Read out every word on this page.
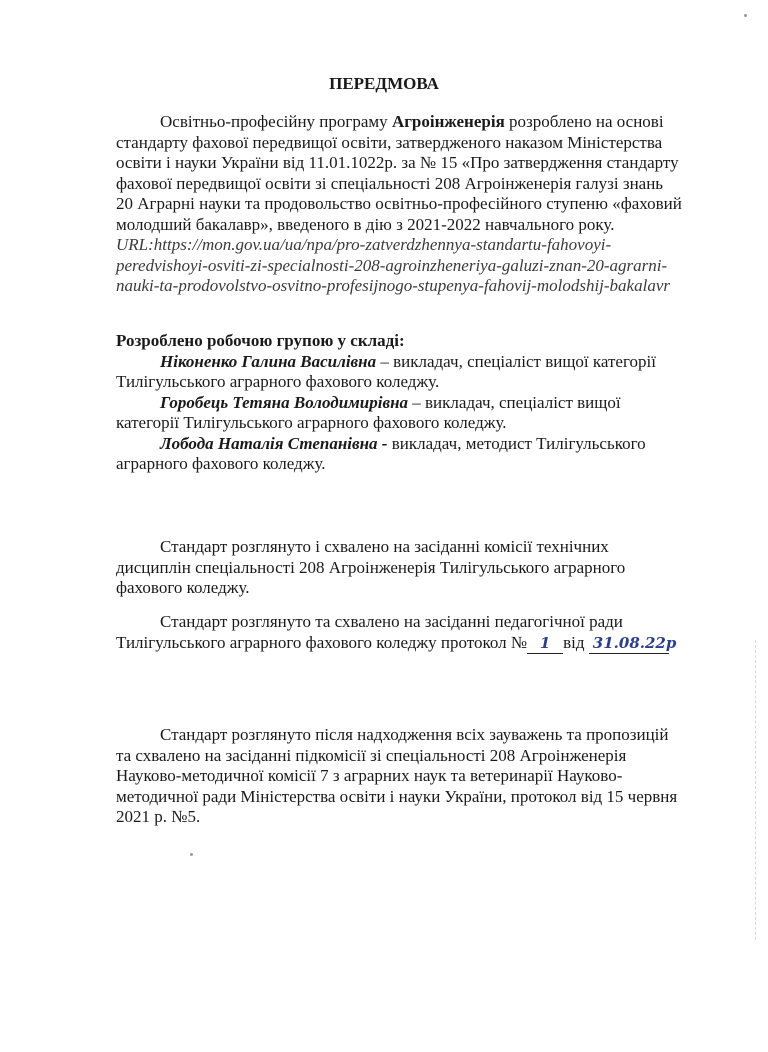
ПЕРЕДМОВА
Освітньо-професійну програму Агроінженерія розроблено на основі
стандарту фахової передвищої освіти, затвердженого наказом Міністерства
освіти і науки України від 11.01.1022р. за № 15 «Про затвердження стандарту
фахової передвищої освіти зі спеціальності 208 Агроінженерія галузі знань
20 Аграрні науки та продовольство освітньо-професійного ступеню «фаховий
молодший бакалавр», введеного в дію з 2021-2022 навчального року.
URL:https://mon.gov.ua/ua/npa/pro-zatverdzhennya-standartu-fahovoyi-
peredvishoyi-osviti-zi-specialnosti-208-agroinzheneriya-galuzi-znan-20-agrarni-
nauki-ta-prodovolstvo-osvitno-profesijnogo-stupenya-fahovij-molodshij-bakalavr
Розроблено робочою групою у складі:
Ніконенко Галина Василівна – викладач, спеціаліст вищої категорії
Тилігульського аграрного фахового коледжу.
Горобець Тетяна Володимирівна – викладач, спеціаліст вищої
категорії Тилігульського аграрного фахового коледжу.
Лобода Наталія Степанівна - викладач, методист Тилігульського
аграрного фахового коледжу.
Стандарт розглянуто і схвалено на засіданні комісії технічних
дисциплін спеціальності 208 Агроінженерія Тилігульського аграрного
фахового коледжу.
Стандарт розглянуто та схвалено на засіданні педагогічної ради
Тилігульського аграрного фахового коледжу протокол № 1 від 31.08.22р
Стандарт розглянуто після надходження всіх зауважень та пропозицій
та схвалено на засіданні підкомісії зі спеціальності 208 Агроінженерія
Науково-методичної комісії 7 з аграрних наук та ветеринарії Науково-
методичної ради Міністерства освіти і науки України, протокол від 15 червня
2021 р. №5.
